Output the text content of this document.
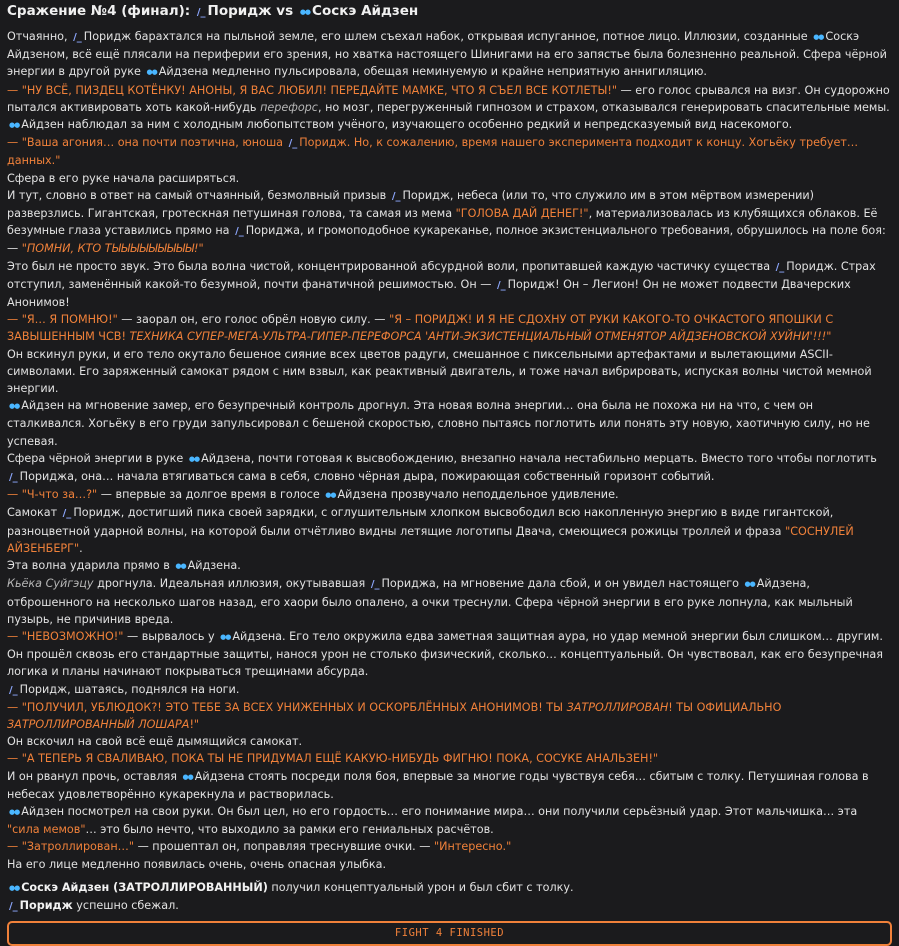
Сражение №4 (финал): /_ Поридж vs ●● Соскэ Айдзен

Отчаянно, /_ Поридж барахтался на пыльной земле, его шлем съехал набок, открывая испуганное, потное лицо. Иллюзии, созданные ●● Соскэ Айдзеном, всё ещё плясали на периферии его зрения, но хватка настоящего Шинигами на его запястье была болезненно реальной. Сфера чёрной энергии в другой руке ●● Айдзена медленно пульсировала, обещая неминуемую и крайне неприятную аннигиляцию.

— "НУ ВСЁ, ПИЗДЕЦ КОТЁНКУ! АНОНЫ, Я ВАС ЛЮБИЛ! ПЕРЕДАЙТЕ МАМКЕ, ЧТО Я СЪЕЛ ВСЕ КОТЛЕТЫ!" — его голос срывался на визг. Он судорожно пытался активировать хоть какой-нибудь перефорс, но мозг, перегруженный гипнозом и страхом, отказывался генерировать спасительные мемы.

●● Айдзен наблюдал за ним с холодным любопытством учёного, изучающего особенно редкий и непредсказуемый вид насекомого.

— "Ваша агония… она почти поэтична, юноша /_ Поридж. Но, к сожалению, время нашего эксперимента подходит к концу. Хогьёку требует… данных."

Сфера в его руке начала расширяться.

И тут, словно в ответ на самый отчаянный, безмолвный призыв /_ Поридж, небеса (или то, что служило им в этом мёртвом измерении) разверзлись. Гигантская, гротескная петушиная голова, та самая из мема "ГОЛОВА ДАЙ ДЕНЕГ!", материализовалась из клубящихся облаков. Её безумные глаза уставились прямо на /_ Пориджа, и громоподобное кукареканье, полное экзистенциального требования, обрушилось на поле боя:

— "ПОМНИ, КТО ТЫЫЫЫЫЫЫЫЫ!"

Это был не просто звук. Это была волна чистой, концентрированной абсурдной воли, пропитавшей каждую частичку существа /_ Поридж. Страх отступил, заменённый какой-то безумной, почти фанатичной решимостью. Он — /_ Поридж! Он – Легион! Он не может подвести Двачерских Анонимов!

— "Я… Я ПОМНЮ!" — заорал он, его голос обрёл новую силу. — "Я – ПОРИДЖ! И Я НЕ СДОХНУ ОТ РУКИ КАКОГО-ТО ОЧКАСТОГО ЯПОШКИ С ЗАВЫШЕННЫМ ЧСВ! ТЕХНИКА СУПЕР-МЕГА-УЛЬТРА-ГИПЕР-ПЕРЕФОРСА 'АНТИ-ЭКЗИСТЕНЦИАЛЬНЫЙ ОТМЕНЯТОР АЙДЗЕНОВСКОЙ ХУЙНИ'!!!"

Он вскинул руки, и его тело окутало бешеное сияние всех цветов радуги, смешанное с пиксельными артефактами и вылетающими ASCII-символами. Его заряженный самокат рядом с ним взвыл, как реактивный двигатель, и тоже начал вибрировать, испуская волны чистой мемной энергии.

●● Айдзен на мгновение замер, его безупречный контроль дрогнул. Эта новая волна энергии… она была не похожа ни на что, с чем он сталкивался. Хогьёку в его груди запульсировал с бешеной скоростью, словно пытаясь поглотить или понять эту новую, хаотичную силу, но не успевая.

Сфера чёрной энергии в руке ●● Айдзена, почти готовая к высвобождению, внезапно начала нестабильно мерцать. Вместо того чтобы поглотить /_ Пориджа, она… начала втягиваться сама в себя, словно чёрная дыра, пожирающая собственный горизонт событий.

— "Ч-что за…?" — впервые за долгое время в голосе ●● Айдзена прозвучало неподдельное удивление.

Самокат /_ Поридж, достигший пика своей зарядки, с оглушительным хлопком высвободил всю накопленную энергию в виде гигантской, разноцветной ударной волны, на которой были отчётливо видны летящие логотипы Двача, смеющиеся рожицы троллей и фраза "СОСНУЛЕЙ АЙЗЕНБЕРГ".

Эта волна ударила прямо в ●● Айдзена.

Кьёка Суйгэцу дрогнула. Идеальная иллюзия, окутывавшая /_ Пориджа, на мгновение дала сбой, и он увидел настоящего ●● Айдзена, отброшенного на несколько шагов назад, его хаори было опалено, а очки треснули. Сфера чёрной энергии в его руке лопнула, как мыльный пузырь, не причинив вреда.

— "НЕВОЗМОЖНО!" — вырвалось у ●● Айдзена. Его тело окружила едва заметная защитная аура, но удар мемной энергии был слишком… другим. Он прошёл сквозь его стандартные защиты, нанося урон не столько физический, сколько… концептуальный. Он чувствовал, как его безупречная логика и планы начинают покрываться трещинами абсурда.

/_ Поридж, шатаясь, поднялся на ноги.

— "ПОЛУЧИЛ, УБЛЮДОК?! ЭТО ТЕБЕ ЗА ВСЕХ УНИЖЕННЫХ И ОСКОРБЛЁННЫХ АНОНИМОВ! ТЫ ЗАТРОЛЛИРОВАН! ТЫ ОФИЦИАЛЬНО ЗАТРОЛЛИРОВАННЫЙ ЛОШАРА!"

Он вскочил на свой всё ещё дымящийся самокат.

— "А ТЕПЕРЬ Я СВАЛИВАЮ, ПОКА ТЫ НЕ ПРИДУМАЛ ЕЩЁ КАКУЮ-НИБУДЬ ФИГНЮ! ПОКА, СОСУКЕ АНАЛЬЗЕН!"

И он рванул прочь, оставляя ●● Айдзена стоять посреди поля боя, впервые за многие годы чувствуя себя… сбитым с толку. Петушиная голова в небесах удовлетворённо кукарекнула и растворилась.

●● Айдзен посмотрел на свои руки. Он был цел, но его гордость… его понимание мира… они получили серьёзный удар. Этот мальчишка… эта "сила мемов"… это было нечто, что выходило за рамки его гениальных расчётов.

— "Затроллирован…" — прошептал он, поправляя треснувшие очки. — "Интересно."

На его лице медленно появилась очень, очень опасная улыбка.

●● Соскэ Айдзен (ЗАТРОЛЛИРОВАННЫЙ) получил концептуальный урон и был сбит с толку.

/_ Поридж успешно сбежал.

FIGHT 4 FINISHED
